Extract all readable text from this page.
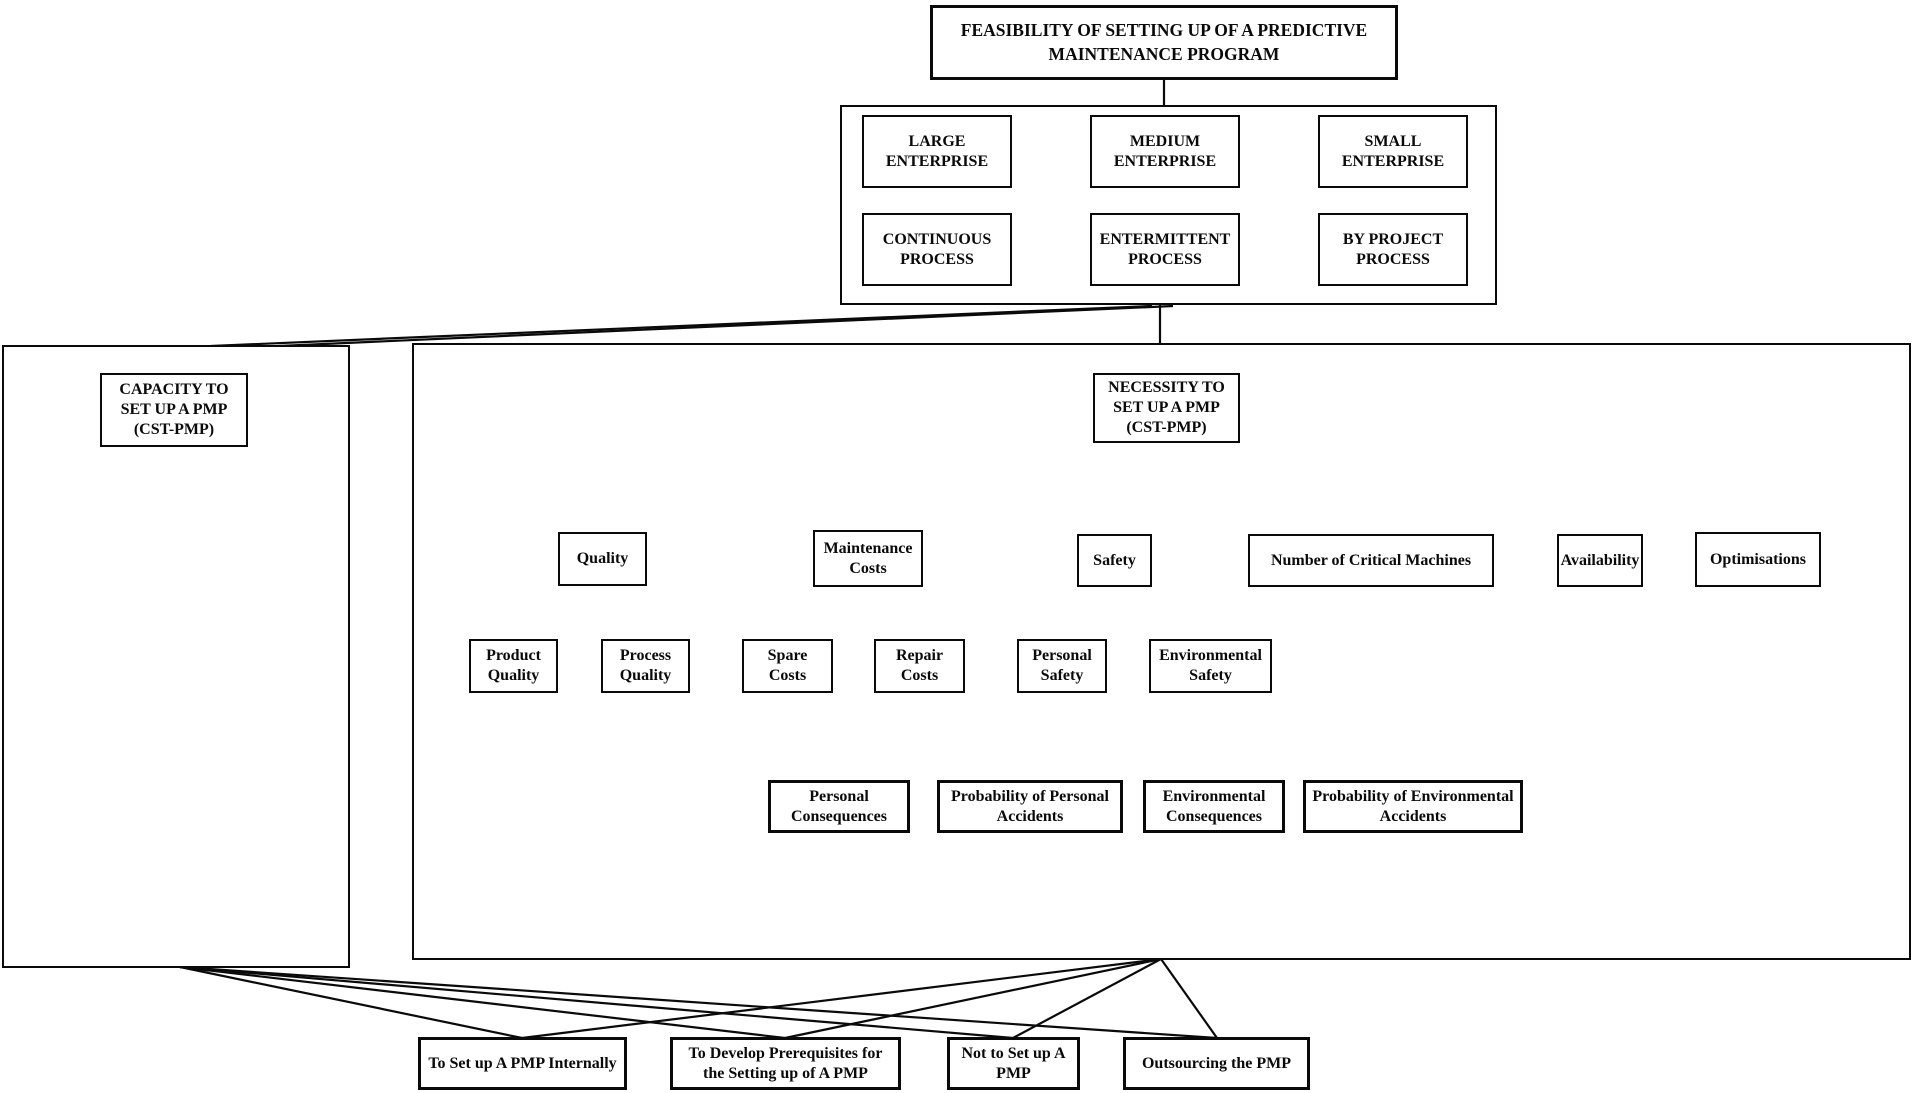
FEASIBILITY OF SETTING UP OF A PREDICTIVE MAINTENANCE PROGRAM
LARGE ENTERPRISE
MEDIUM ENTERPRISE
SMALL ENTERPRISE
CONTINUOUS PROCESS
ENTERMITTENT PROCESS
BY PROJECT PROCESS
CAPACITY TO SET UP A PMP (CST-PMP)
NECESSITY TO SET UP A PMP (CST-PMP)
Quality
Maintenance Costs	Safety	Number of Critical Machines	Availability	Optimisations
Product Quality
Process Quality
Spare Costs
Repair Costs
Personal Safety
Environmental Safety
Personal Consequences
Probability of Personal Accidents
Environmental Consequences
Probability of Environmental Accidents
To Set up A PMP Internally
To Develop Prerequisites for the Setting up of A PMP
Not to Set up A PMP
Outsourcing the PMP
